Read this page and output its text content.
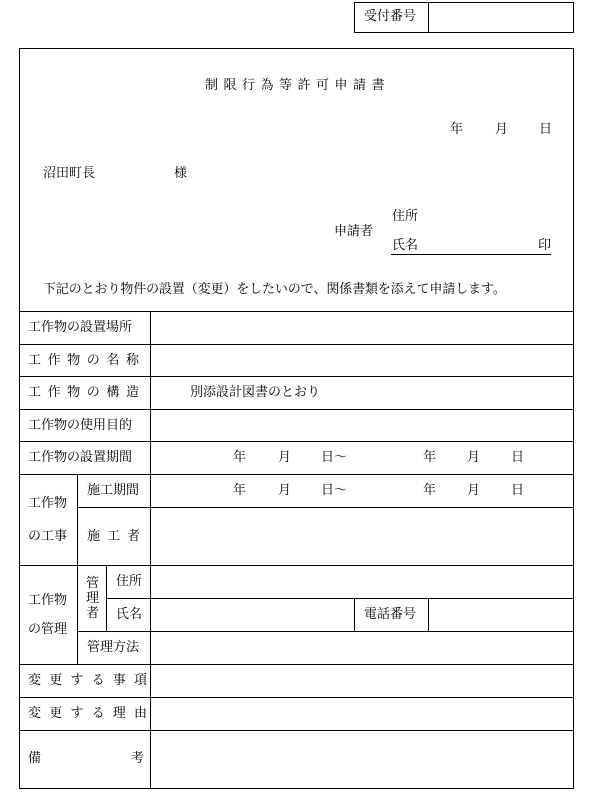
受付番号
制限行為等許可申請書
年 月 日
沼田町長	様
申請者
住所
氏名	印
下記のとおり物件の設置（変更）をしたいので、関係書類を添えて申請します。
工作物の設置場所
工作物の名称
工作物の構造	別添設計図書のとおり
工作物の使用目的
工作物の設置期間	年 月 日～	年 月 日
工作物
の工事
施工期間	年 月 日～	年 月 日
施工者
工作物
の管理
管理者
住所
氏名	電話番号
管理方法
変更する事項
変更する理由
備	考
